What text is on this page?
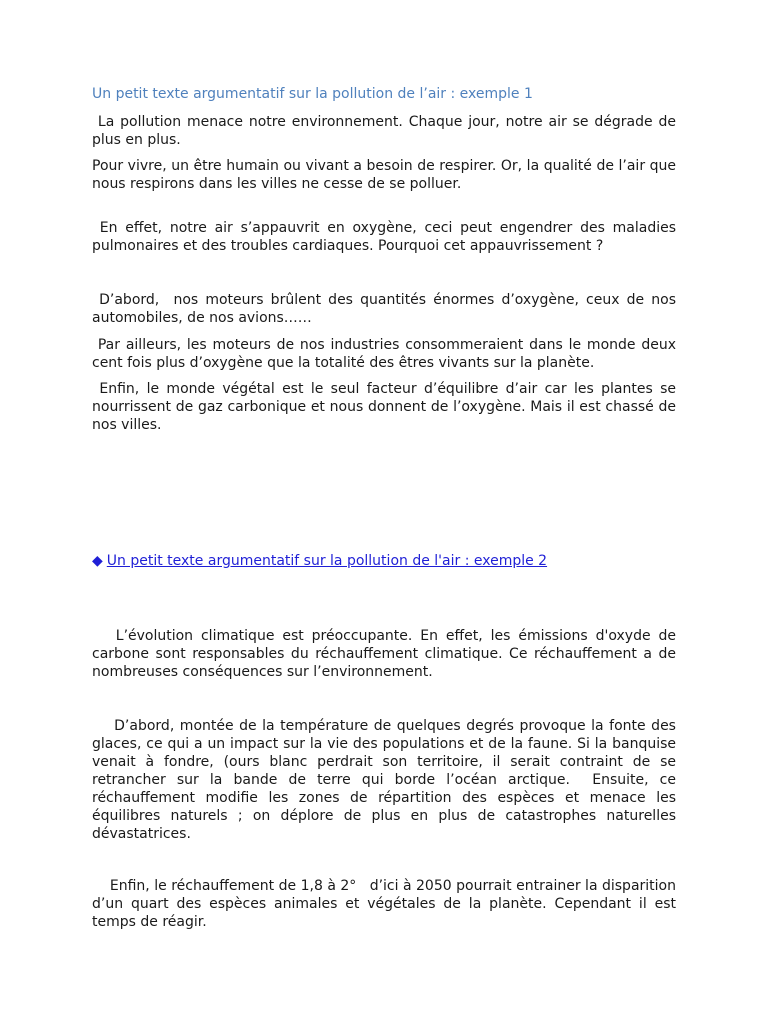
Un petit texte argumentatif sur la pollution de l’air : exemple 1

La pollution menace notre environnement. Chaque jour, notre air se dégrade de plus en plus.

Pour vivre, un être humain ou vivant a besoin de respirer. Or, la qualité de l’air que nous respirons dans les villes ne cesse de se polluer.

En effet, notre air s’appauvrit en oxygène, ceci peut engendrer des maladies pulmonaires et des troubles cardiaques. Pourquoi cet appauvrissement ?

D’abord,  nos moteurs brûlent des quantités énormes d’oxygène, ceux de nos automobiles, de nos avions……

Par ailleurs, les moteurs de nos industries consommeraient dans le monde deux cent fois plus d’oxygène que la totalité des êtres vivants sur la planète.

Enfin, le monde végétal est le seul facteur d’équilibre d’air car les plantes se nourrissent de gaz carbonique et nous donnent de l’oxygène. Mais il est chassé de nos villes.

◆ Un petit texte argumentatif sur la pollution de l'air : exemple 2

L’évolution climatique est préoccupante. En effet, les émissions d'oxyde de carbone sont responsables du réchauffement climatique. Ce réchauffement a de nombreuses conséquences sur l’environnement.

D’abord, montée de la température de quelques degrés provoque la fonte des glaces, ce qui a un impact sur la vie des populations et de la faune. Si la banquise venait à fondre, (ours blanc perdrait son territoire, il serait contraint de se retrancher sur la bande de terre qui borde l’océan arctique.  Ensuite, ce réchauffement modifie les zones de répartition des espèces et menace les équilibres naturels ; on déplore de plus en plus de catastrophes naturelles dévastatrices.

Enfin, le réchauffement de 1,8 à 2°   d’ici à 2050 pourrait entrainer la disparition d’un quart des espèces animales et végétales de la planète. Cependant il est temps de réagir.
